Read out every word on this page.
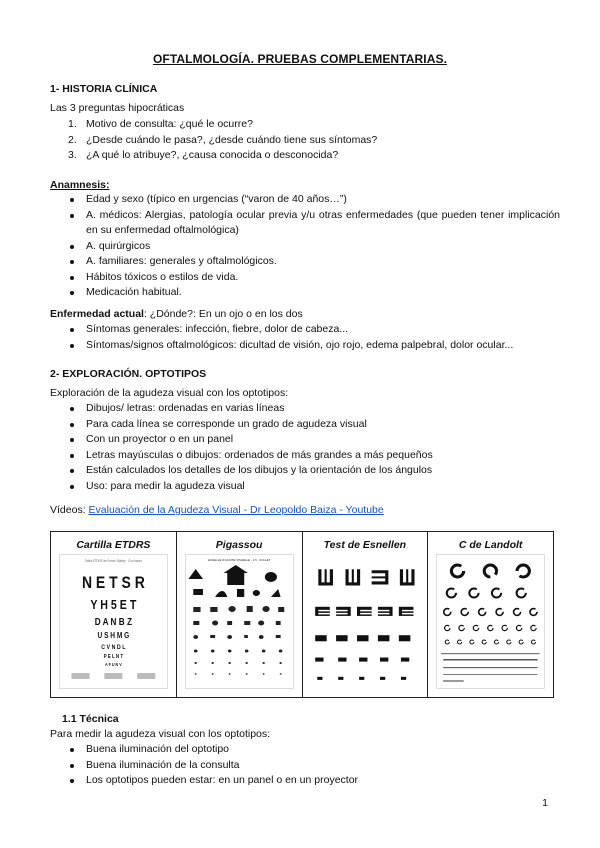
OFTALMOLOGÍA. PRUEBAS COMPLEMENTARIAS.
1- HISTORIA CLÍNICA
Las 3 preguntas hipocráticas
1. Motivo de consulta: ¿qué le ocurre?
2. ¿Desde cuándo le pasa?, ¿desde cuándo tiene sus síntomas?
3. ¿A qué lo atribuye?, ¿causa conocida o desconocida?
Anamnesis:
Edad y sexo (típico en urgencias (“varon de 40 años…”)
A. médicos: Alergias, patología ocular previa y/u otras enfermedades (que pueden tener implicación en su enfermedad oftalmológica)
A. quirúrgicos
A. familiares: generales y oftalmológicos.
Hábitos tóxicos o estilos de vida.
Medicación habitual.
Enfermedad actual: ¿Dónde?: En un ojo o en los dos
Síntomas generales: infección, fiebre, dolor de cabeza...
Síntomas/signos oftalmológicos: dicultad de visión, ojo rojo, edema palpebral, dolor ocular...
2- EXPLORACIÓN. OPTOTIPOS
Exploración de la agudeza visual con los optotipos:
Dibujos/ letras: ordenadas en varias líneas
Para cada línea se corresponde un grado de agudeza visual
Con un proyector o en un panel
Letras mayúsculas o dibujos: ordenados de más grandes a más pequeños
Están calculados los detalles de los dibujos y la orientación de los ángulos
Uso: para medir la agudeza visual
Vídeos: Evaluación de la Agudeza Visual - Dr Leopoldo Baiza - Youtube
Cartilla ETDRS
Tabla ETDRS de Ferris / Bailey · Con haron
N E T S R
Y H 5 E T
D A N B Z
U S H M G
C V N D L
P E L N T
A F U N V
Pigassou
ECHELLE D'ACUITE VISUELLE · 2,5 · COLLET
Test de Esnellen	C de Landolt
1.1 Técnica
Para medir la agudeza visual con los optotipos:
Buena iluminación del optotipo
Buena iluminación de la consulta
Los optotipos pueden estar: en un panel o en un proyector
1
